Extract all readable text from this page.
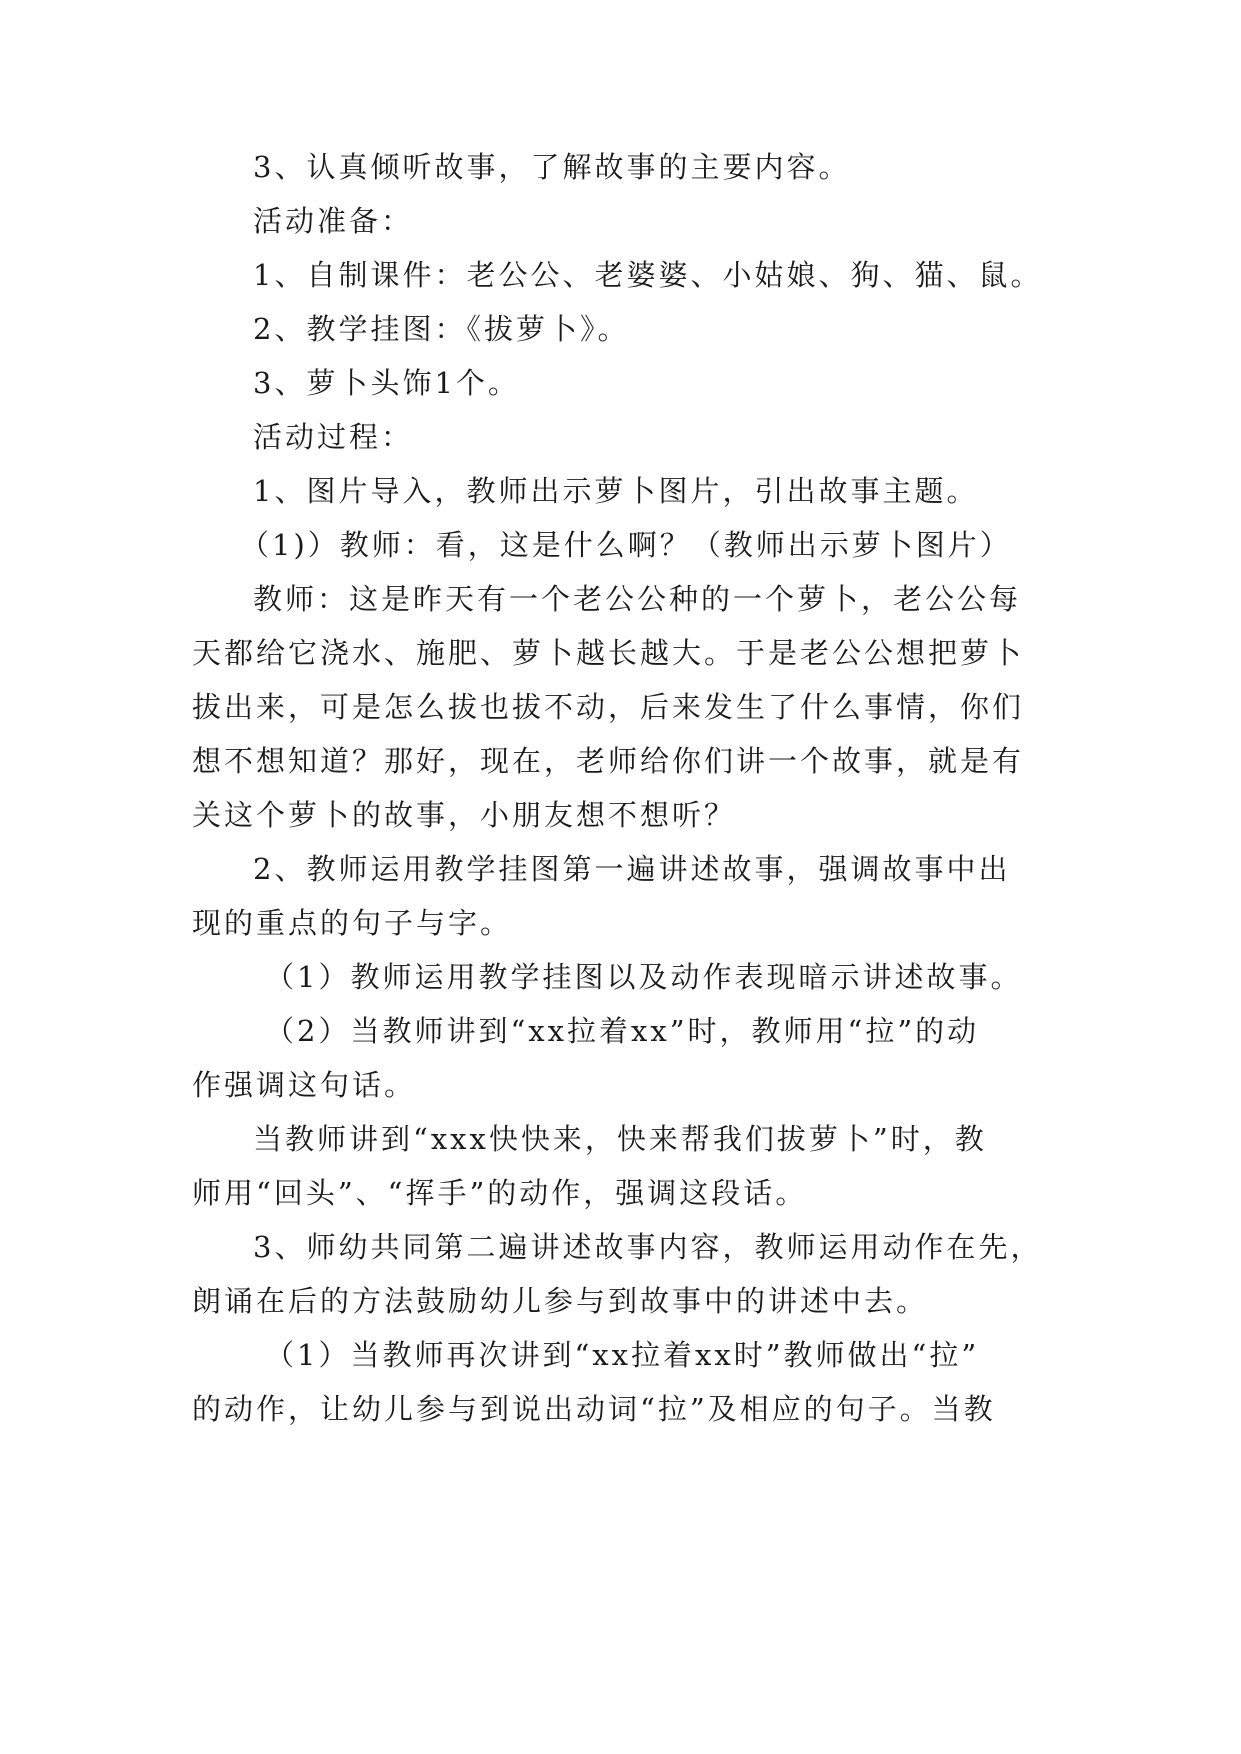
3、认真倾听故事，了解故事的主要内容。
活动准备：
1、自制课件：老公公、老婆婆、小姑娘、狗、猫、鼠。
2、教学挂图：《拔萝卜》。
3、萝卜头饰1个。
活动过程：
1、图片导入，教师出示萝卜图片，引出故事主题。
（1)）教师：看，这是什么啊？（教师出示萝卜图片）
教师：这是昨天有一个老公公种的一个萝卜，老公公每
天都给它浇水、施肥、萝卜越长越大。于是老公公想把萝卜
拔出来，可是怎么拔也拔不动，后来发生了什么事情，你们
想不想知道？那好，现在，老师给你们讲一个故事，就是有
关这个萝卜的故事，小朋友想不想听？
2、教师运用教学挂图第一遍讲述故事，强调故事中出
现的重点的句子与字。
（1）教师运用教学挂图以及动作表现暗示讲述故事。
（2）当教师讲到“xx拉着xx”时，教师用“拉”的动
作强调这句话。
当教师讲到“xxx快快来，快来帮我们拔萝卜”时，教
师用“回头”、“挥手”的动作，强调这段话。
3、师幼共同第二遍讲述故事内容，教师运用动作在先，
朗诵在后的方法鼓励幼儿参与到故事中的讲述中去。
（1）当教师再次讲到“xx拉着xx时”教师做出“拉”
的动作，让幼儿参与到说出动词“拉”及相应的句子。当教
